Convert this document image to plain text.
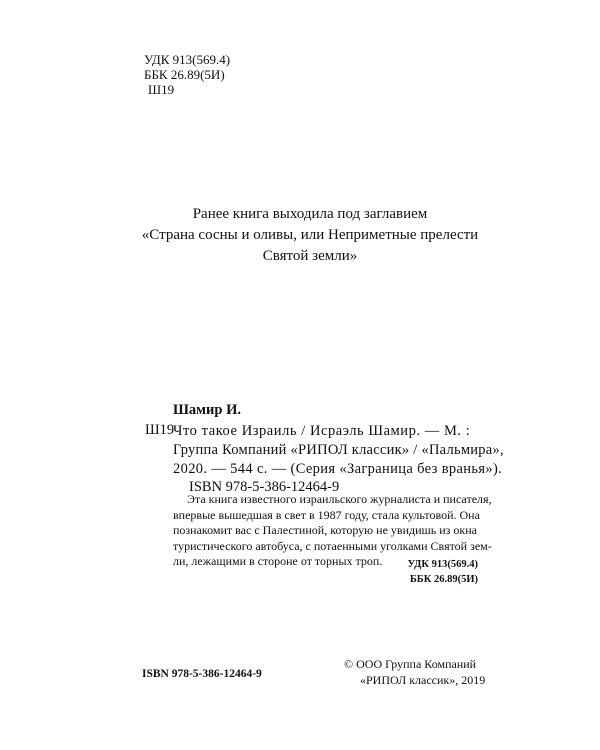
УДК 913(569.4)
ББК 26.89(5И)
Ш19
Ранее книга выходила под заглавием
«Страна сосны и оливы, или Неприметные прелести
Святой земли»
Шамир И.
Ш19
Что такое Израиль / Исраэль Шамир. — М. :
Группа Компаний «РИПОЛ классик» / «Пальмира»,
2020. — 544 с. — (Серия «Заграница без вранья»).
ISBN 978-5-386-12464-9
Эта книга известного израильского журналиста и писателя,
впервые вышедшая в свет в 1987 году, стала культовой. Она
познакомит вас с Палестиной, которую не увидишь из окна
туристического автобуса, с потаенными уголками Святой зем-
ли, лежащими в стороне от торных троп.	УДК 913(569.4)
ББК 26.89(5И)
ISBN 978-5-386-12464-9
© ООО Группа Компаний
«РИПОЛ классик», 2019
